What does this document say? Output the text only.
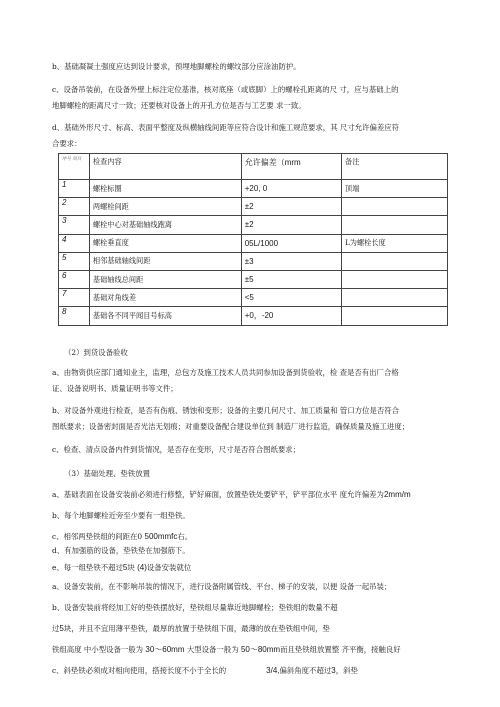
b、基础凝凝土强度应达到设计要求，预埋地脚螺栓的螺纹部分应涂油防护。
c、设备吊装前，在设备外壁上标注定位基准，核对底座（或底脚）上的螺栓孔距离的尺 寸，应与基础上的
地脚螺栓的距离尺寸一致；还要核对设备上的开孔方位是否与工艺要 求一致。
d、基础外形尺寸、标高、表面平整度及纵横轴线间距等应符合设计和施工规范要求，其 尺寸允许偏差应符
合要求：
序号 项目	检查内容	允许偏差（mrm	备注
1	螺栓标圈	+20, 0	顶端
2	两螺栓间距	±2	
3	螺栓中心对基础轴线跑离	±2	
4	螺栓垂直度	05L/1000	L为螺栓长度
5	相邻基础轴线间距	±3	
6	基础轴线总间距	±5	
7	基础对角线差	<5	
8	基础各不同平闻目号标高	+0，-20	
（2）到货设备验收
a、由物资供应部门通知业主，监理，总包方及施工技术人员共同参加设备到货验收，检 查是否有出厂合格
证、设备说明书、质量证明书等文件；
b、对设备外观进行检查，是否有伤痕、锈蚀和变形；设备的主要几何尺寸、加工质量和 管口方位是否符合
图纸要求；设备密封面是否光洁无划痕；对重要设备配合建设单位到 制造厂进行监造，确保质量及施工进度；
c、检查、清点设备内件到货情况，是否存在变形，尺寸是否符合图纸要求；
（3）基础处理、垫铁放置
a、基础表面在设备安装前必须进行修整，铲好麻面，放置垫铁处要铲平，铲平部位水平 度允许偏差为2mm/m
b、每个地脚螺栓近旁至少要有一组垫铁。
c、相邻两垫铁组的间距在0 500mmfc右。
d、有加强筋的设备，垫铁垫在加强筋下。
e、每一组垫铁不超过5块 (4)设备安装就位
a、设备安装前，在不影响吊装的情况下，进行设备附属管线、平台、梯子的安装，以便 设备一起吊装；
b、设备安装前将经加工好的垫铁摆放好，垫铁组尽量靠近地脚螺栓；垫铁组的数量不超
过5块，并且不宜用薄平垫铁，最厚的放置于垫铁组下面，最薄的放在垫铁组中间，垫
铁组高度 中小型设备一般为 30〜60mm 大型设备一般为 50〜80mm而且垫铁组放置整 齐平衡，接触良好
c、斜垫铁必须成对相向使用，搭接长度不小于全长的	3/4,偏斜角度不超过3，斜垫
